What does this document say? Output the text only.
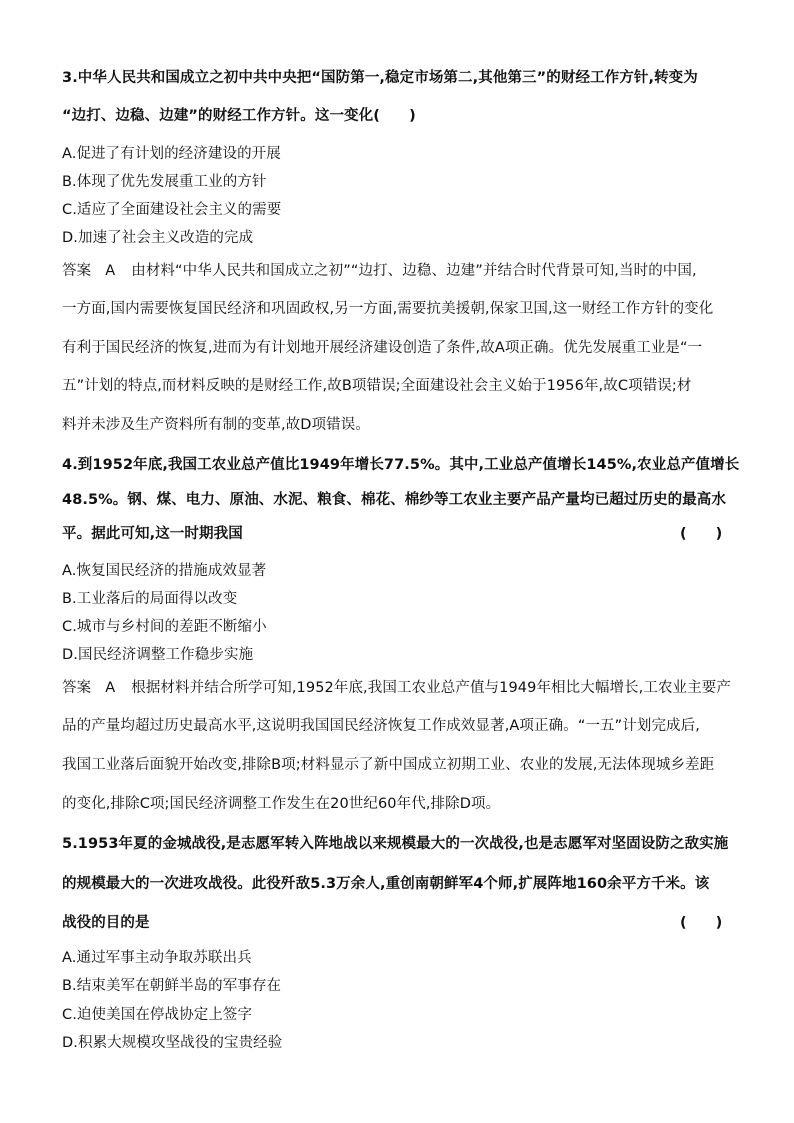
3.中华人民共和国成立之初中共中央把“国防第一,稳定市场第二,其他第三”的财经工作方针,转变为
“边打、边稳、边建”的财经工作方针。这一变化(　　)
A.促进了有计划的经济建设的开展
B.体现了优先发展重工业的方针
C.适应了全面建设社会主义的需要
D.加速了社会主义改造的完成
答案 A 由材料“中华人民共和国成立之初”“边打、边稳、边建”并结合时代背景可知,当时的中国,
一方面,国内需要恢复国民经济和巩固政权,另一方面,需要抗美援朝,保家卫国,这一财经工作方针的变化
有利于国民经济的恢复,进而为有计划地开展经济建设创造了条件,故A项正确。优先发展重工业是“一
五”计划的特点,而材料反映的是财经工作,故B项错误;全面建设社会主义始于1956年,故C项错误;材
料并未涉及生产资料所有制的变革,故D项错误。
4.到1952年底,我国工农业总产值比1949年增长77.5%。其中,工业总产值增长145%,农业总产值增长
48.5%。钢、煤、电力、原油、水泥、粮食、棉花、棉纱等工农业主要产品产量均已超过历史的最高水
平。据此可知,这一时期我国	(　　)
A.恢复国民经济的措施成效显著
B.工业落后的局面得以改变
C.城市与乡村间的差距不断缩小
D.国民经济调整工作稳步实施
答案 A 根据材料并结合所学可知,1952年底,我国工农业总产值与1949年相比大幅增长,工农业主要产
品的产量均超过历史最高水平,这说明我国国民经济恢复工作成效显著,A项正确。“一五”计划完成后,
我国工业落后面貌开始改变,排除B项;材料显示了新中国成立初期工业、农业的发展,无法体现城乡差距
的变化,排除C项;国民经济调整工作发生在20世纪60年代,排除D项。
5.1953年夏的金城战役,是志愿军转入阵地战以来规模最大的一次战役,也是志愿军对坚固设防之敌实施
的规模最大的一次进攻战役。此役歼敌5.3万余人,重创南朝鲜军4个师,扩展阵地160余平方千米。该
战役的目的是	(　　)
A.通过军事主动争取苏联出兵
B.结束美军在朝鲜半岛的军事存在
C.迫使美国在停战协定上签字
D.积累大规模攻坚战役的宝贵经验
